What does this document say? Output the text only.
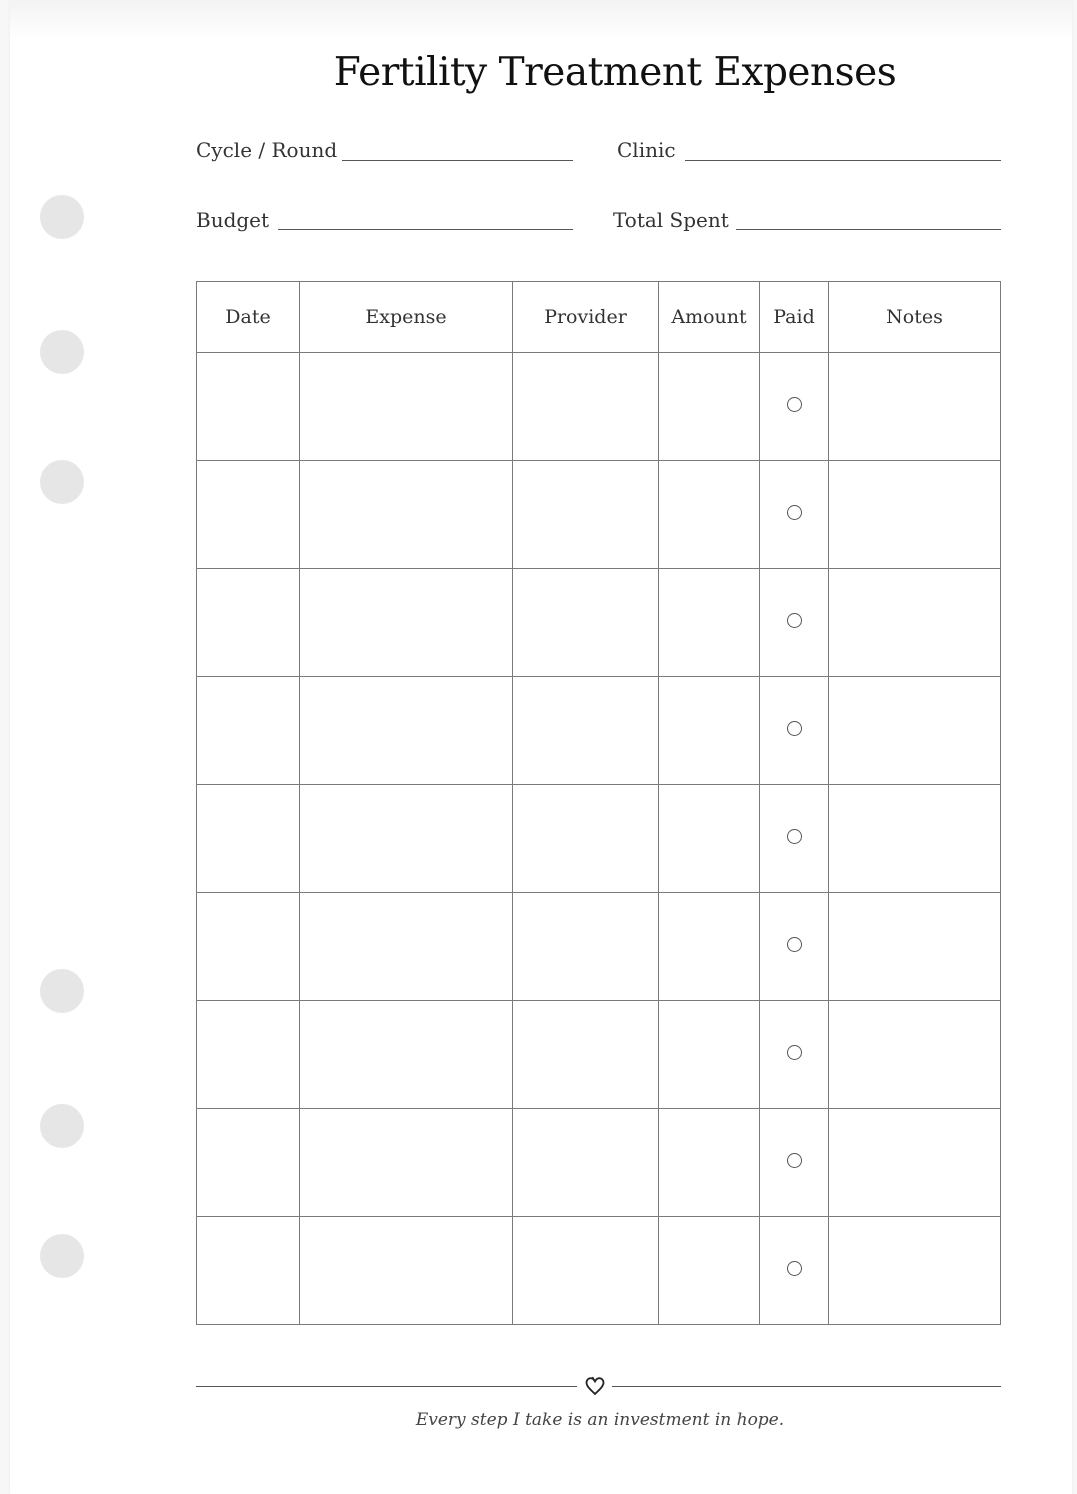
Fertility Treatment Expenses
Cycle / Round	Clinic
Budget	Total Spent
Date	Expense	Provider	Amount	Paid	Notes

Every step I take is an investment in hope.
